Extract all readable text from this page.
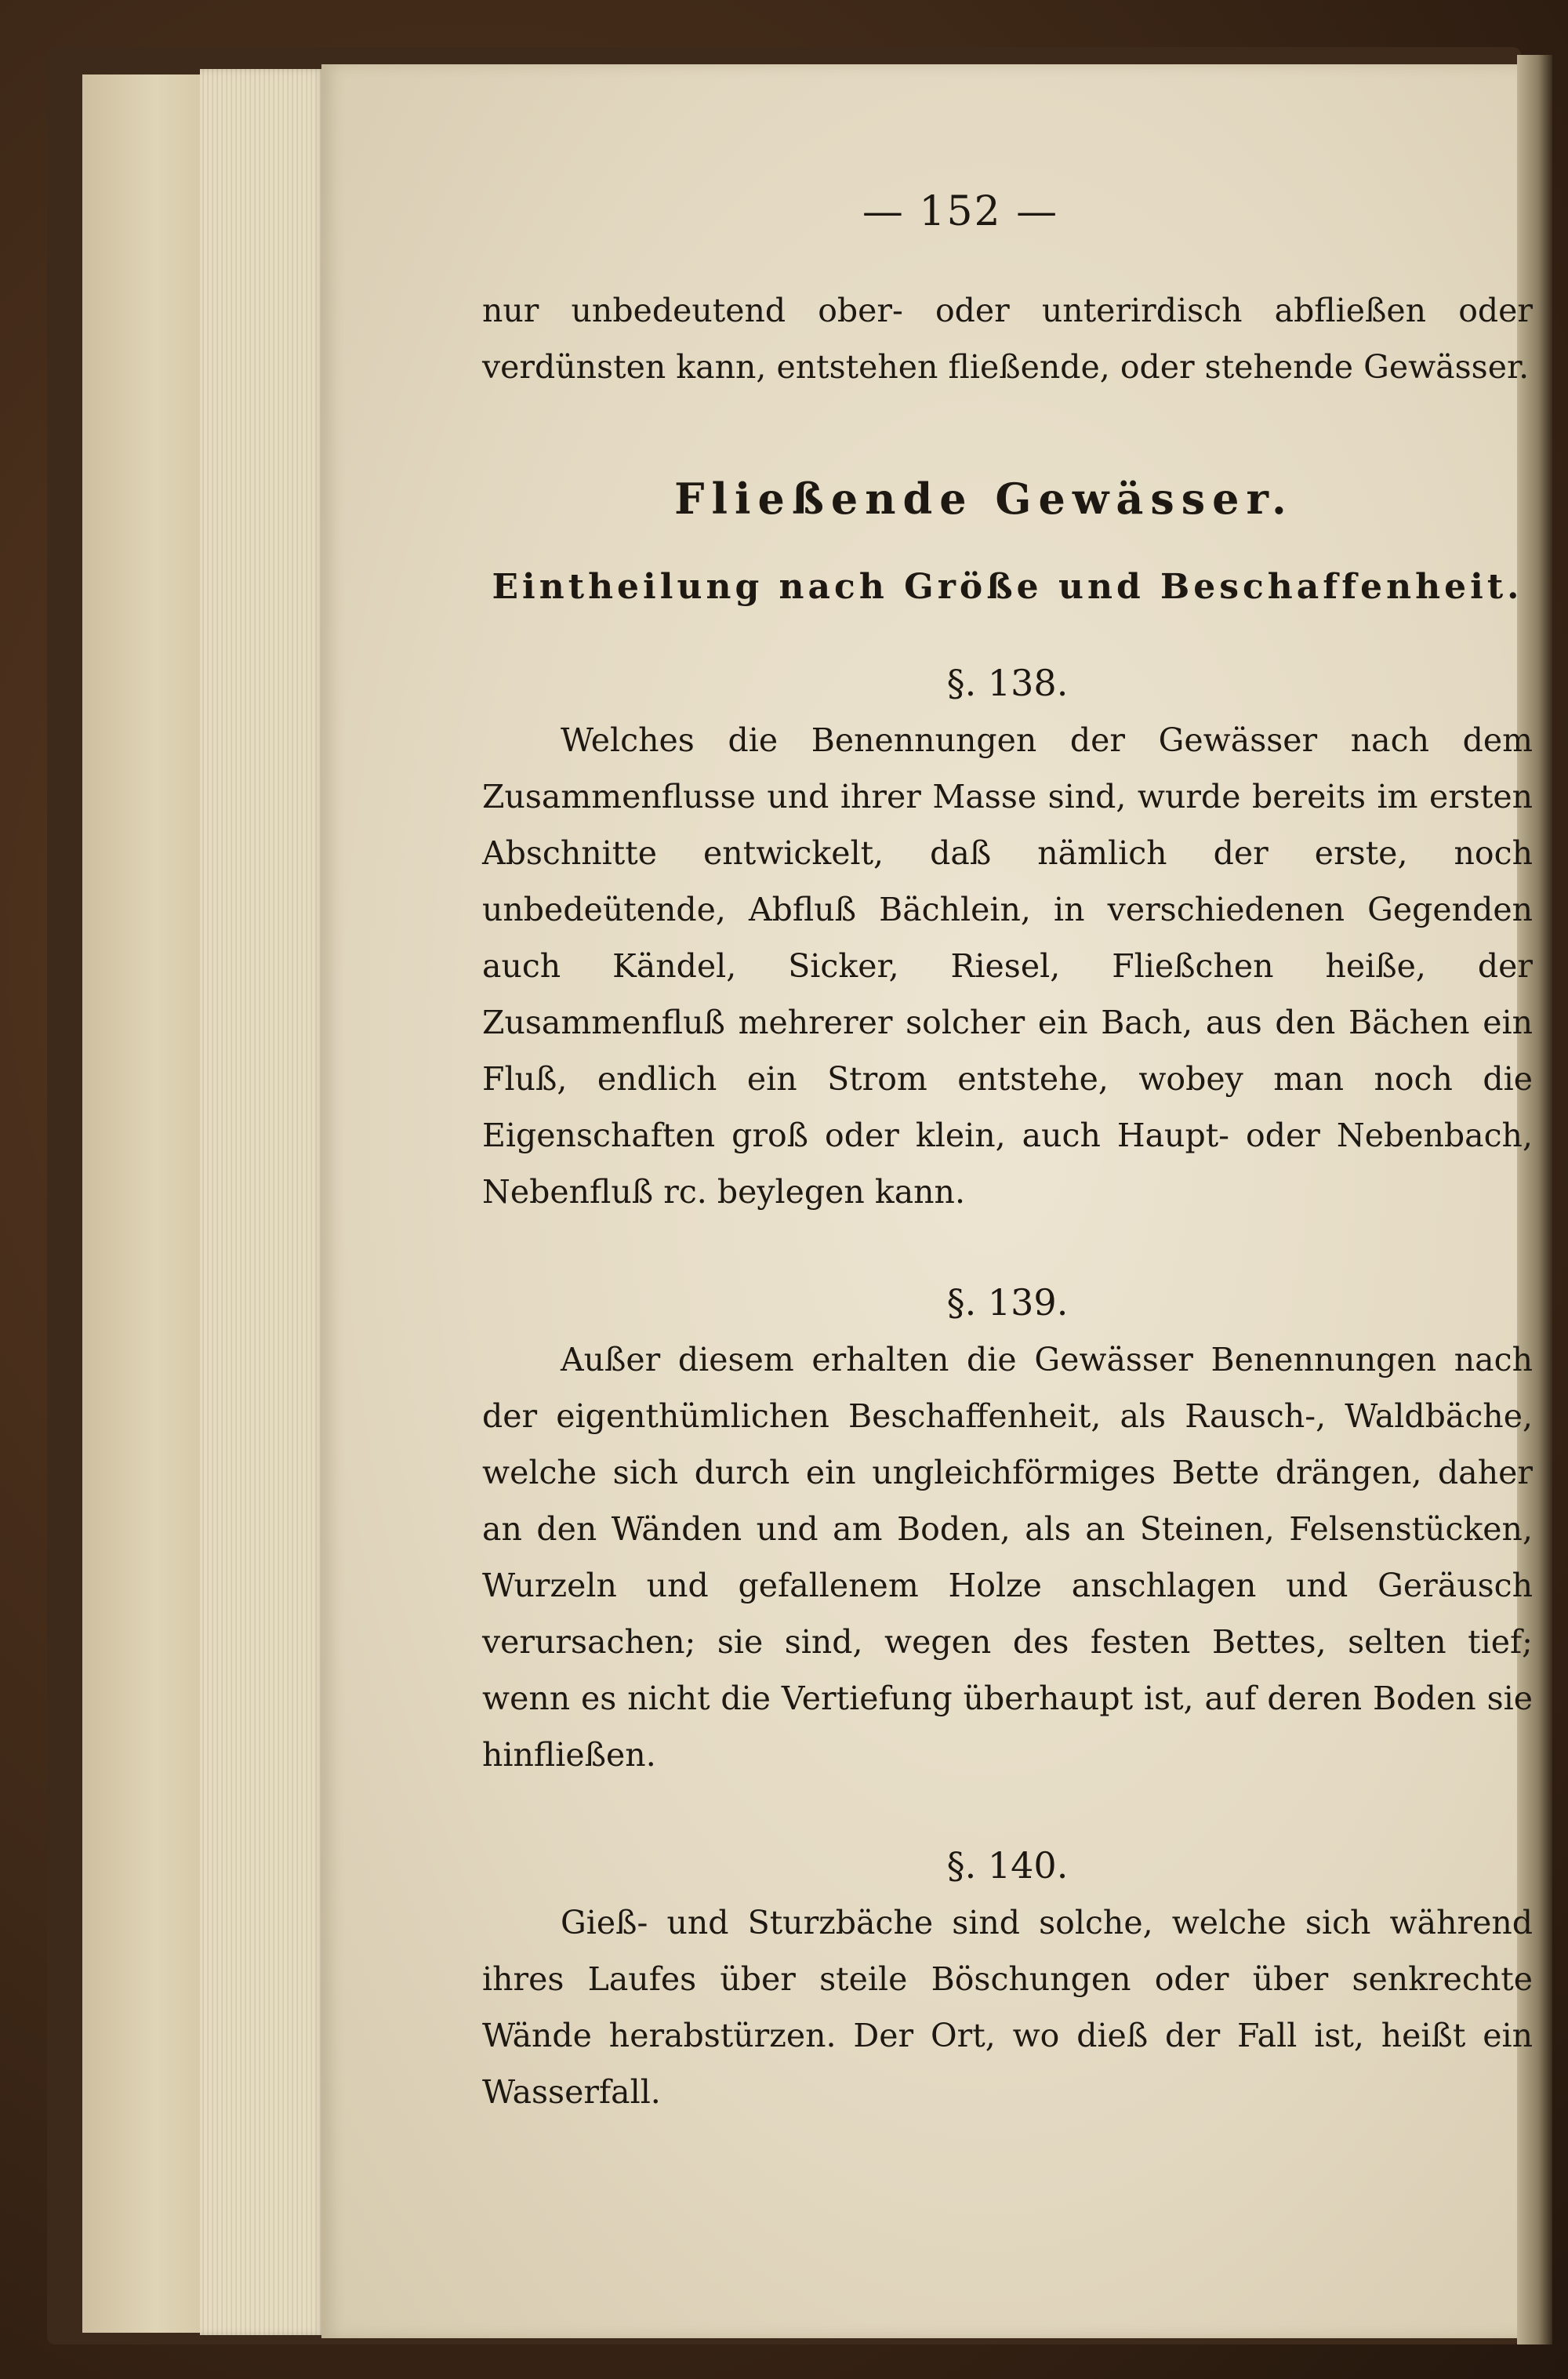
— 152 —

nur unbedeutend ober- oder unterirdisch abfließen oder verdünsten kann, entstehen fließende, oder stehende Gewässer.

Fließende Gewässer.
Eintheilung nach Größe und Beschaffenheit.
§. 138.

Welches die Benennungen der Gewässer nach dem Zusammenflusse und ihrer Masse sind, wurde bereits im ersten Abschnitte entwickelt, daß nämlich der erste, noch unbedeütende, Abfluß Bächlein, in verschiedenen Gegenden auch Kändel, Sicker, Riesel, Fließchen heiße, der Zusammenfluß mehrerer solcher ein Bach, aus den Bächen ein Fluß, endlich ein Strom entstehe, wobey man noch die Eigenschaften groß oder klein, auch Haupt- oder Nebenbach, Nebenfluß rc. beylegen kann.

§. 139.

Außer diesem erhalten die Gewässer Benennungen nach der eigenthümlichen Beschaffenheit, als Rausch-, Waldbäche, welche sich durch ein ungleichförmiges Bette drängen, daher an den Wänden und am Boden, als an Steinen, Felsenstücken, Wurzeln und gefallenem Holze anschlagen und Geräusch verursachen; sie sind, wegen des festen Bettes, selten tief; wenn es nicht die Vertiefung überhaupt ist, auf deren Boden sie hinfließen.

§. 140.

Gieß- und Sturzbäche sind solche, welche sich während ihres Laufes über steile Böschungen oder über senkrechte Wände herabstürzen. Der Ort, wo dieß der Fall ist, heißt ein Wasserfall.
